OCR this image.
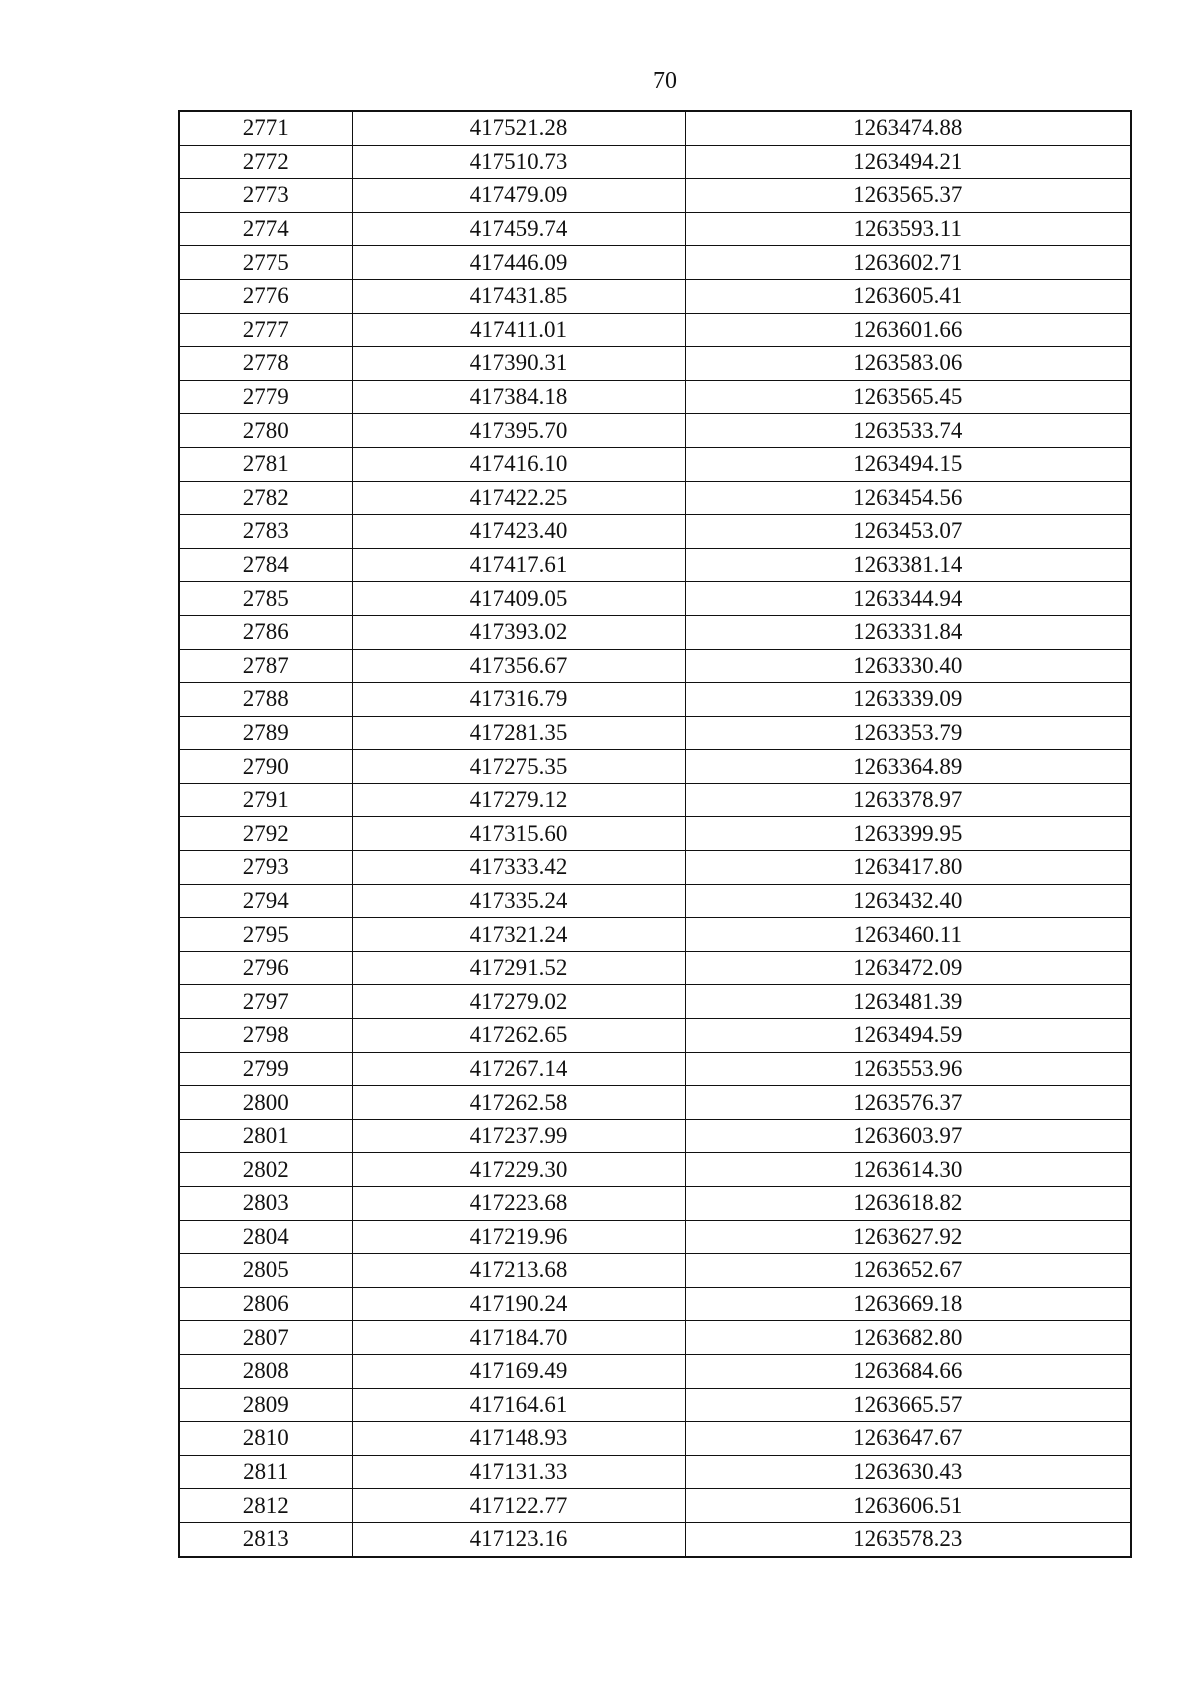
70
2771	417521.28	1263474.88
2772	417510.73	1263494.21
2773	417479.09	1263565.37
2774	417459.74	1263593.11
2775	417446.09	1263602.71
2776	417431.85	1263605.41
2777	417411.01	1263601.66
2778	417390.31	1263583.06
2779	417384.18	1263565.45
2780	417395.70	1263533.74
2781	417416.10	1263494.15
2782	417422.25	1263454.56
2783	417423.40	1263453.07
2784	417417.61	1263381.14
2785	417409.05	1263344.94
2786	417393.02	1263331.84
2787	417356.67	1263330.40
2788	417316.79	1263339.09
2789	417281.35	1263353.79
2790	417275.35	1263364.89
2791	417279.12	1263378.97
2792	417315.60	1263399.95
2793	417333.42	1263417.80
2794	417335.24	1263432.40
2795	417321.24	1263460.11
2796	417291.52	1263472.09
2797	417279.02	1263481.39
2798	417262.65	1263494.59
2799	417267.14	1263553.96
2800	417262.58	1263576.37
2801	417237.99	1263603.97
2802	417229.30	1263614.30
2803	417223.68	1263618.82
2804	417219.96	1263627.92
2805	417213.68	1263652.67
2806	417190.24	1263669.18
2807	417184.70	1263682.80
2808	417169.49	1263684.66
2809	417164.61	1263665.57
2810	417148.93	1263647.67
2811	417131.33	1263630.43
2812	417122.77	1263606.51
2813	417123.16	1263578.23
